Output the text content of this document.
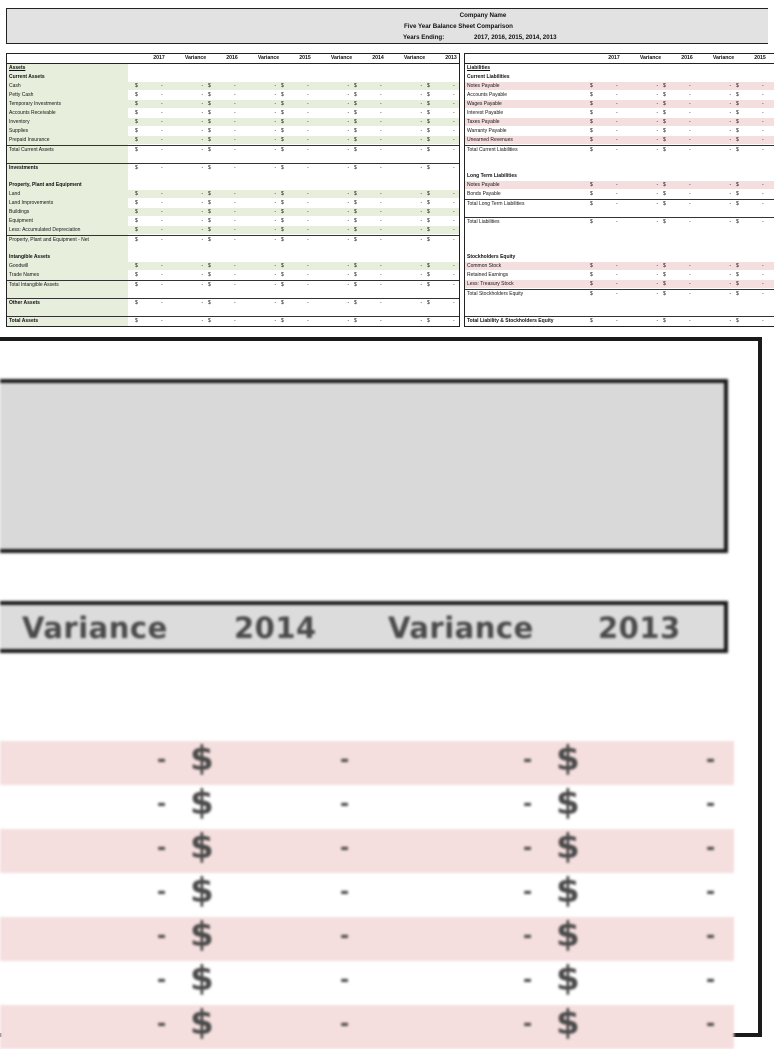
Company Name
Five Year Balance Sheet Comparison
Years Ending:	2017, 2016, 2015, 2014, 2013
2017	Variance	2016	Variance	2015	Variance	2014	Variance	2013
Assets
Current Assets
Cash	$	-	- $	-	- $	-	- $	-	- $	-
Petty Cash	$	-	- $	-	- $	-	- $	-	- $	-
Temporary Investments	$	-	- $	-	- $	-	- $	-	- $	-
Accounts Receivable	$	-	- $	-	- $	-	- $	-	- $	-
Inventory	$	-	- $	-	- $	-	- $	-	- $	-
Supplies	$	-	- $	-	- $	-	- $	-	- $	-
Prepaid Insurance	$	-	- $	-	- $	-	- $	-	- $	-
Total Current Assets	$	-	- $	-	- $	-	- $	-	- $	-
Investments	$	-	- $	-	- $	-	- $	-	- $	-
Property, Plant and Equipment
Land	$	-	- $	-	- $	-	- $	-	- $	-
Land Improvements	$	-	- $	-	- $	-	- $	-	- $	-
Buildings	$	-	- $	-	- $	-	- $	-	- $	-
Equipment	$	-	- $	-	- $	-	- $	-	- $	-
Less: Accumulated Depreciation	$	-	- $	-	- $	-	- $	-	- $	-
Property, Plant and Equipment - Net	$	-	- $	-	- $	-	- $	-	- $	-
Intangible Assets
Goodwill	$	-	- $	-	- $	-	- $	-	- $	-
Trade Names	$	-	- $	-	- $	-	- $	-	- $	-
Total Intangible Assets	$	-	- $	-	- $	-	- $	-	- $	-
Other Assets	$	-	- $	-	- $	-	- $	-	- $	-
Total Assets	$	-	- $	-	- $	-	- $	-	- $	-
2017	Variance	2016	Variance	2015
Liabilities
Current Liabilities
Notes Payable	$	-	- $	-	- $	-
Accounts Payable	$	-	- $	-	- $	-
Wages Payable	$	-	- $	-	- $	-
Interest Payable	$	-	- $	-	- $	-
Taxes Payable	$	-	- $	-	- $	-
Warranty Payable	$	-	- $	-	- $	-
Unearned Revenues	$	-	- $	-	- $	-
Total Current Liabilities	$	-	- $	-	- $	-
Long Term Liabilities
Notes Payable	$	-	- $	-	- $	-
Bonds Payable	$	-	- $	-	- $	-
Total Long Term Liabilities	$	-	- $	-	- $	-
Total Liabilities	$	-	- $	-	- $	-
Stockholders Equity
Common Stock	$	-	- $	-	- $	-
Retained Earnings	$	-	- $	-	- $	-
Less: Treasury Stock	$	-	- $	-	- $	-
Total Stockholders Equity	$	-	- $	-	- $	-
Total Liability & Stockholders Equity	$	-	- $	-	- $	-
Variance 2014 Variance 2013
- $	-	- $	-
- $	-	- $	-
- $	-	- $	-
- $	-	- $	-
- $	-	- $	-
- $	-	- $	-
- $	-	- $	-
